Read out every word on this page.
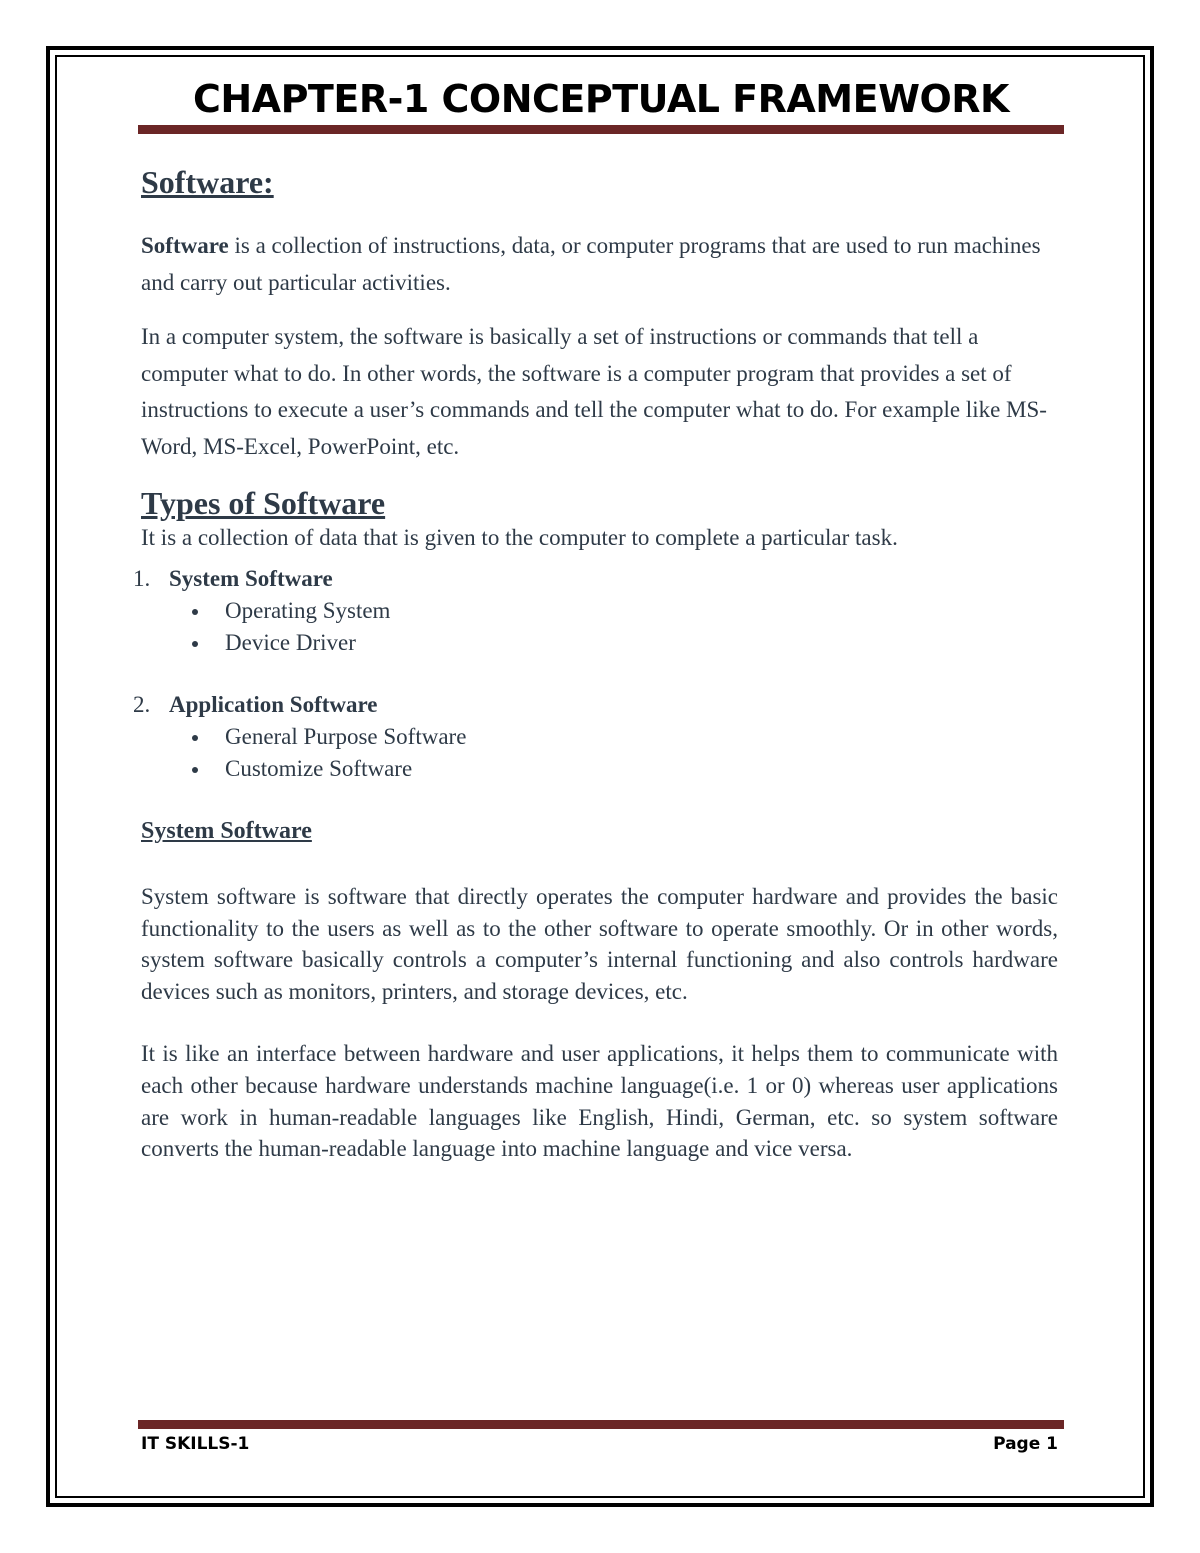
CHAPTER-1 CONCEPTUAL FRAMEWORK
Software:

Software is a collection of instructions, data, or computer programs that are used to run machines and carry out particular activities.

In a computer system, the software is basically a set of instructions or commands that tell a computer what to do. In other words, the software is a computer program that provides a set of instructions to execute a user’s commands and tell the computer what to do. For example like MS-Word, MS-Excel, PowerPoint, etc.

Types of Software

It is a collection of data that is given to the computer to complete a particular task.

1. System Software
Operating System
Device Driver
2. Application Software
General Purpose Software
Customize Software
System Software

System software is software that directly operates the computer hardware and provides the basic functionality to the users as well as to the other software to operate smoothly. Or in other words, system software basically controls a computer’s internal functioning and also controls hardware devices such as monitors, printers, and storage devices, etc.

It is like an interface between hardware and user applications, it helps them to communicate with each other because hardware understands machine language(i.e. 1 or 0) whereas user applications are work in human-readable languages like English, Hindi, German, etc. so system software converts the human-readable language into machine language and vice versa.

IT SKILLS-1	Page 1
